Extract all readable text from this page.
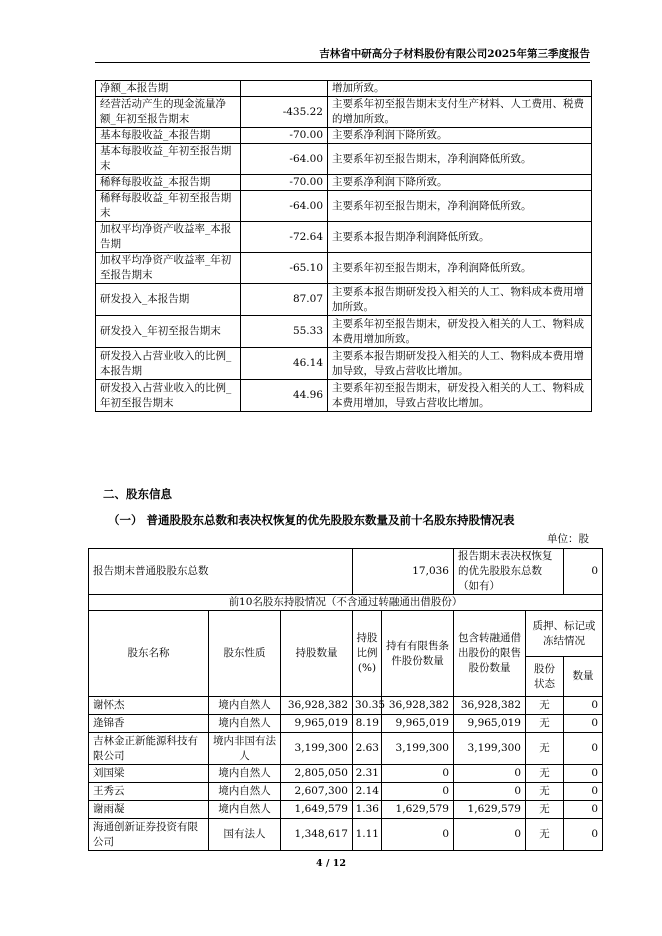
吉林省中研高分子材料股份有限公司2025年第三季度报告
净额_本报告期		增加所致。
经营活动产生的现金流量净额_年初至报告期末	-435.22	主要系年初至报告期末支付生产材料、人工费用、税费的增加所致。
基本每股收益_本报告期	-70.00	主要系净利润下降所致。
基本每股收益_年初至报告期末	-64.00	主要系年初至报告期末，净利润降低所致。
稀释每股收益_本报告期	-70.00	主要系净利润下降所致。
稀释每股收益_年初至报告期末	-64.00	主要系年初至报告期末，净利润降低所致。
加权平均净资产收益率_本报告期	-72.64	主要系本报告期净利润降低所致。
加权平均净资产收益率_年初至报告期末	-65.10	主要系年初至报告期末，净利润降低所致。
研发投入_本报告期	87.07	主要系本报告期研发投入相关的人工、物料成本费用增加所致。
研发投入_年初至报告期末	55.33	主要系年初至报告期末，研发投入相关的人工、物料成本费用增加所致。
研发投入占营业收入的比例_本报告期	46.14	主要系本报告期研发投入相关的人工、物料成本费用增加导致，导致占营收比增加。
研发投入占营业收入的比例_年初至报告期末	44.96	主要系年初至报告期末，研发投入相关的人工、物料成本费用增加，导致占营收比增加。
二、股东信息
（一） 普通股股东总数和表决权恢复的优先股股东数量及前十名股东持股情况表
单位：股
报告期末普通股股东总数				17,036	报告期末表决权恢复的优先股股东总数（如有）		0
前10名股东持股情况（不含通过转融通出借股份）							
股东名称	股东性质	持股数量	持股比例(%)	持有有限售条件股份数量	包含转融通借出股份的限售股份数量	质押、标记或冻结情况	
						股份状态	数量
谢怀杰	境内自然人	36,928,382	30.35	36,928,382	36,928,382	无	0
逄锦香	境内自然人	9,965,019	8.19	9,965,019	9,965,019	无	0
吉林金正新能源科技有限公司	境内非国有法人	3,199,300	2.63	3,199,300	3,199,300	无	0
刘国梁	境内自然人	2,805,050	2.31	0	0	无	0
王秀云	境内自然人	2,607,300	2.14	0	0	无	0
谢雨凝	境内自然人	1,649,579	1.36	1,629,579	1,629,579	无	0
海通创新证券投资有限公司	国有法人	1,348,617	1.11	0	0	无	0
4 / 12
